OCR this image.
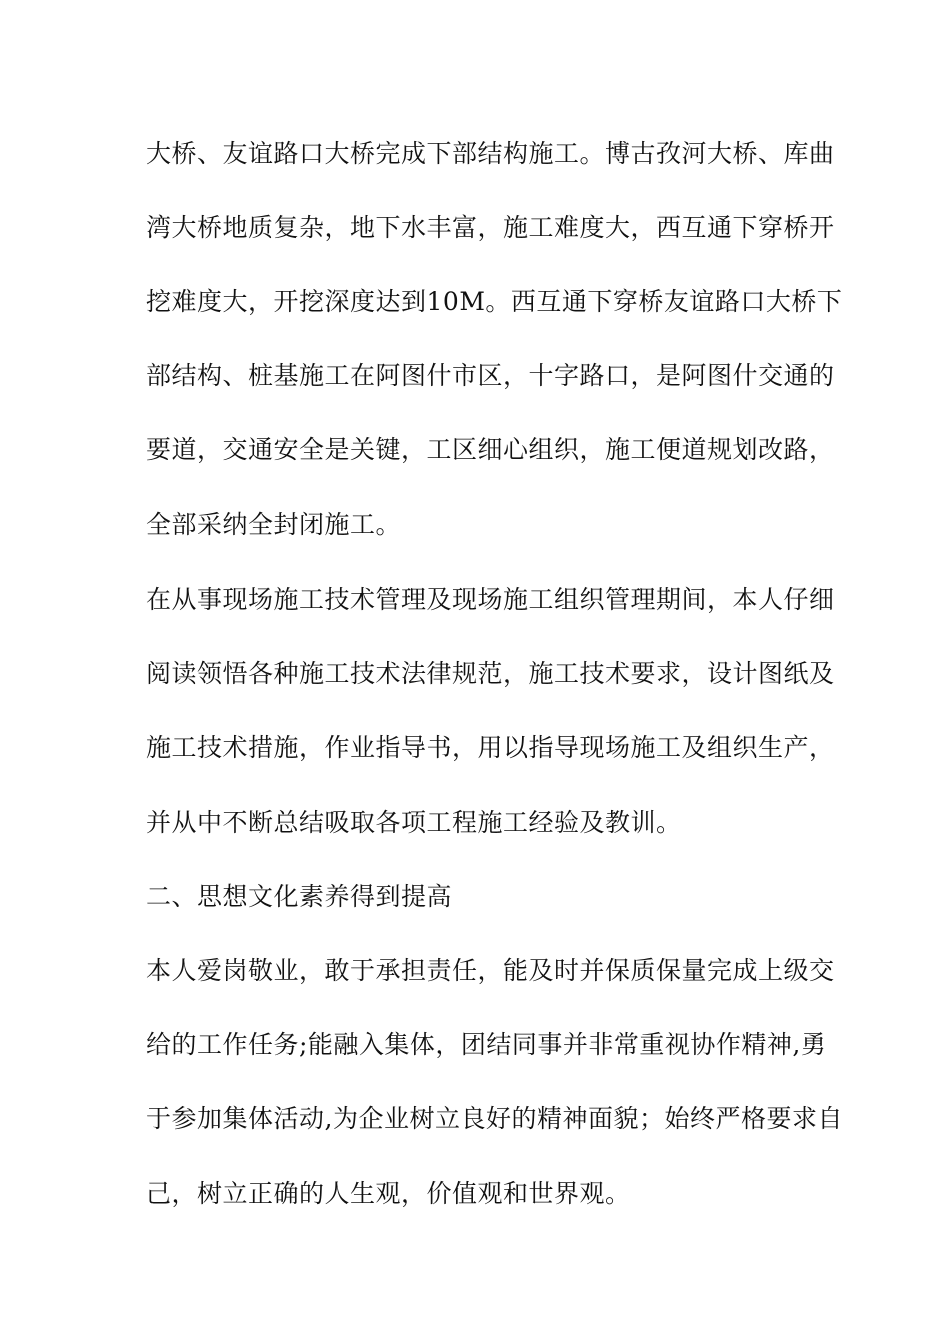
大桥、友谊路口大桥完成下部结构施工。博古孜河大桥、库曲
湾大桥地质复杂，地下水丰富，施工难度大，西互通下穿桥开
挖难度大，开挖深度达到10M。西互通下穿桥友谊路口大桥下
部结构、桩基施工在阿图什市区，十字路口，是阿图什交通的
要道，交通安全是关键，工区细心组织，施工便道规划改路，
全部采纳全封闭施工。
在从事现场施工技术管理及现场施工组织管理期间，本人仔细
阅读领悟各种施工技术法律规范，施工技术要求，设计图纸及
施工技术措施，作业指导书，用以指导现场施工及组织生产，
并从中不断总结吸取各项工程施工经验及教训。
二、思想文化素养得到提高
本人爱岗敬业，敢于承担责任，能及时并保质保量完成上级交
给的工作任务;能融入集体，团结同事并非常重视协作精神,勇
于参加集体活动,为企业树立良好的精神面貌；始终严格要求自
己，树立正确的人生观，价值观和世界观。
